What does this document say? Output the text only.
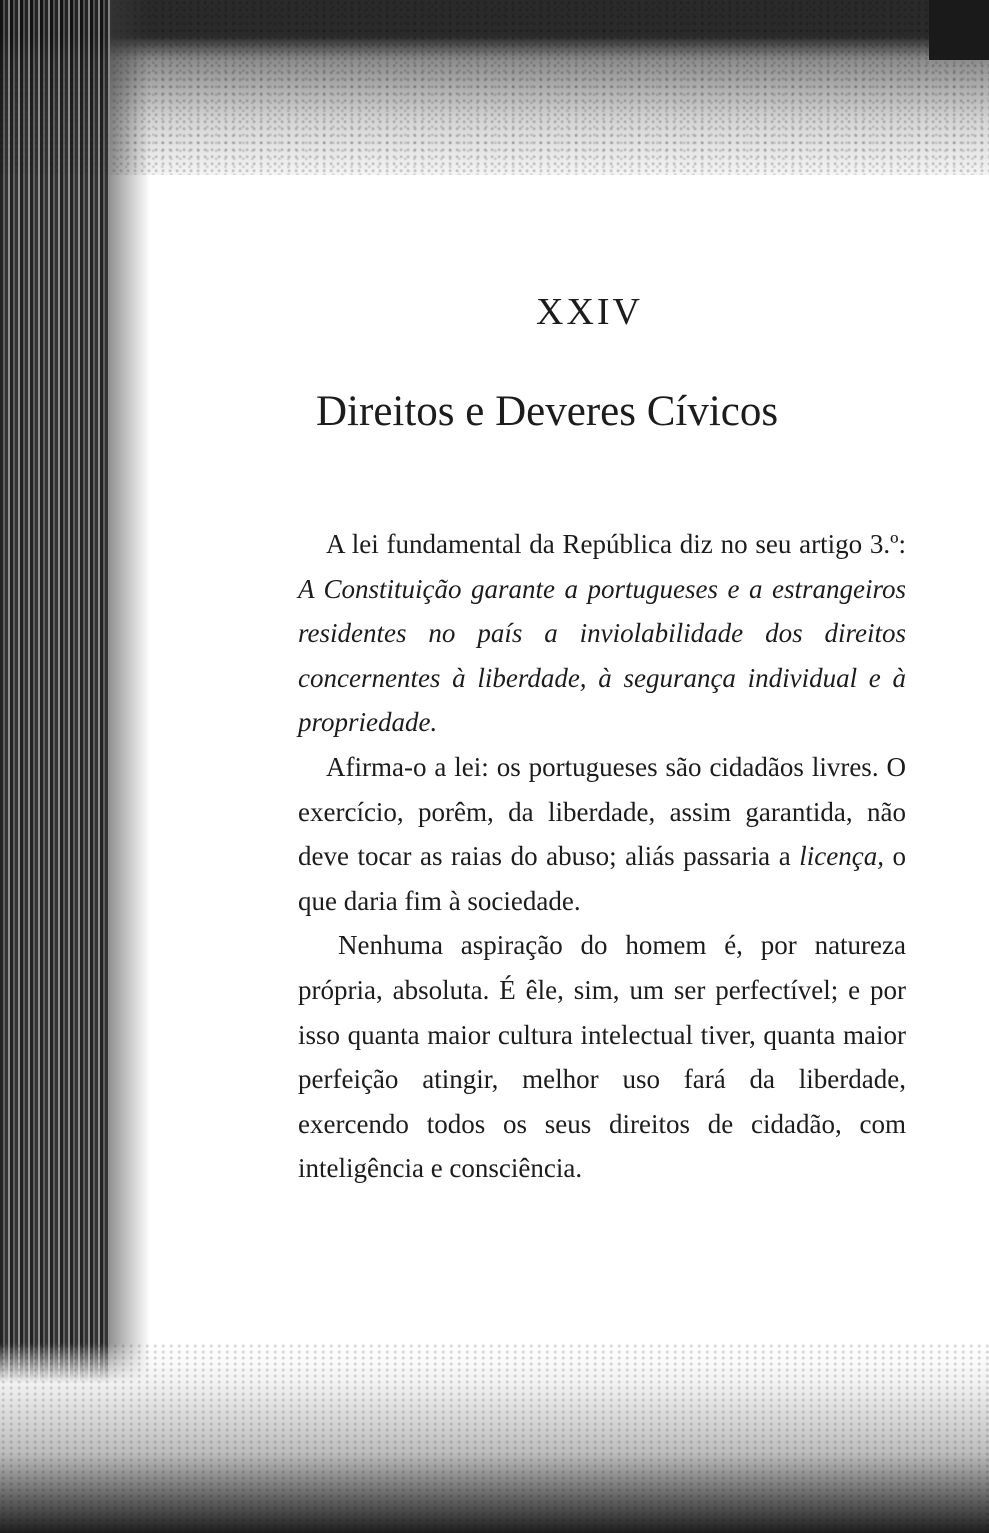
XXIV
Direitos e Deveres Cívicos

A lei fundamental da República diz no seu artigo 3.º: A Constituição garante a portugueses e a estrangeiros residentes no país a inviolabilidade dos direitos concernentes à liberdade, à segurança individual e à propriedade.

Afirma-o a lei: os portugueses são cidadãos livres. O exercício, porêm, da liberdade, assim garantida, não deve tocar as raias do abuso; aliás passaria a licença, o que daria fim à sociedade.

Nenhuma aspiração do homem é, por natureza própria, absoluta. É êle, sim, um ser perfectível; e por isso quanta maior cultura intelectual tiver, quanta maior perfeição atingir, melhor uso fará da liberdade, exercendo todos os seus direitos de cidadão, com inteligência e consciência.
